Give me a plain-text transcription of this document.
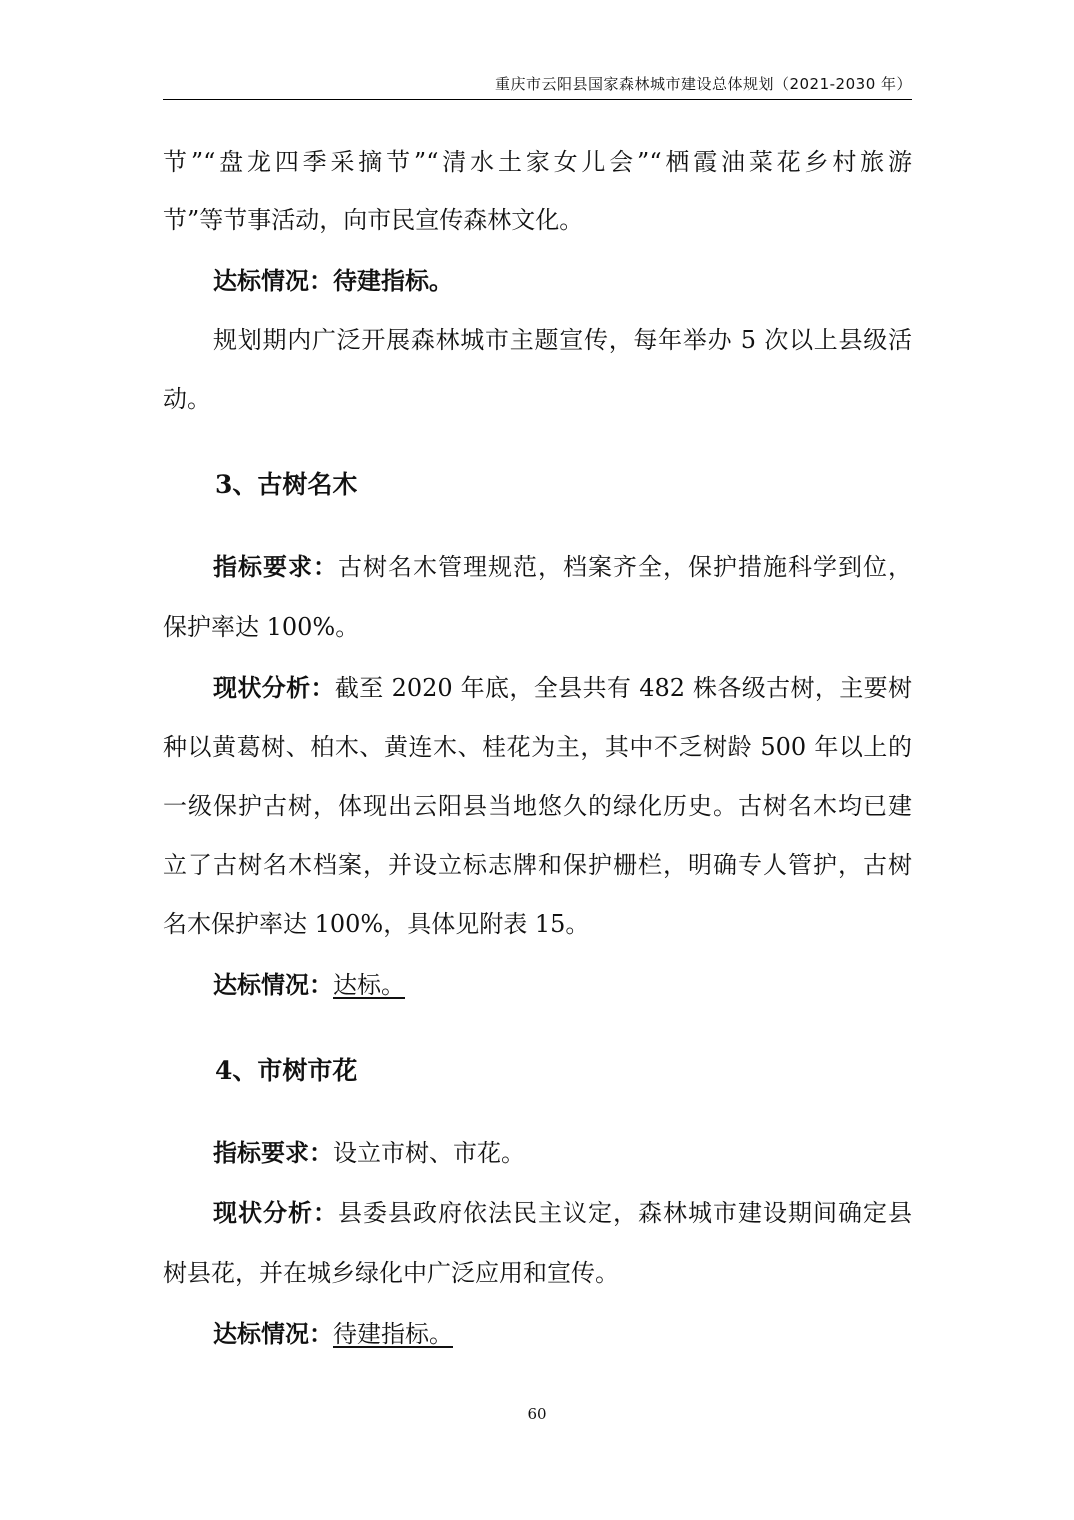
重庆市云阳县国家森林城市建设总体规划（2021-2030 年）
节”“盘龙四季采摘节”“清水土家女儿会”“栖霞油菜花乡村旅游
节”等节事活动，向市民宣传森林文化。
达标情况：待建指标。
规划期内广泛开展森林城市主题宣传，每年举办 5 次以上县级活
动。
3、古树名木
指标要求：古树名木管理规范，档案齐全，保护措施科学到位，
保护率达 100%。
现状分析：截至 2020 年底，全县共有 482 株各级古树，主要树
种以黄葛树、柏木、黄连木、桂花为主，其中不乏树龄 500 年以上的
一级保护古树，体现出云阳县当地悠久的绿化历史。古树名木均已建
立了古树名木档案，并设立标志牌和保护栅栏，明确专人管护，古树
名木保护率达 100%，具体见附表 15。
达标情况：达标。
4、市树市花
指标要求：设立市树、市花。
现状分析：县委县政府依法民主议定，森林城市建设期间确定县
树县花，并在城乡绿化中广泛应用和宣传。
达标情况：待建指标。
60
